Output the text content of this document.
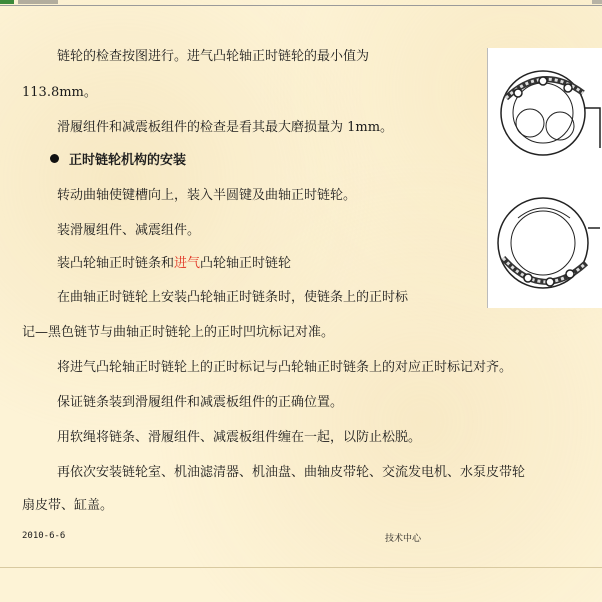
链轮的检查按图进行。进气凸轮轴正时链轮的最小值为

113.8mm。

滑履组件和减震板组件的检查是看其最大磨损量为 1mm。

正时链轮机构的安装

转动曲轴使键槽向上，装入半圆键及曲轴正时链轮。

装滑履组件、减震组件。

装凸轮轴正时链条和进气凸轮轴正时链轮

在曲轴正时链轮上安装凸轮轴正时链条时，使链条上的正时标

记—黑色链节与曲轴正时链轮上的正时凹坑标记对准。

将进气凸轮轴正时链轮上的正时标记与凸轮轴正时链条上的对应正时标记对齐。

保证链条装到滑履组件和减震板组件的正确位置。

用软绳将链条、滑履组件、减震板组件缠在一起，以防止松脱。

再依次安装链轮室、机油滤清器、机油盘、曲轴皮带轮、交流发电机、水泵皮带轮

扇皮带、缸盖。

2010-6-6	技术中心
